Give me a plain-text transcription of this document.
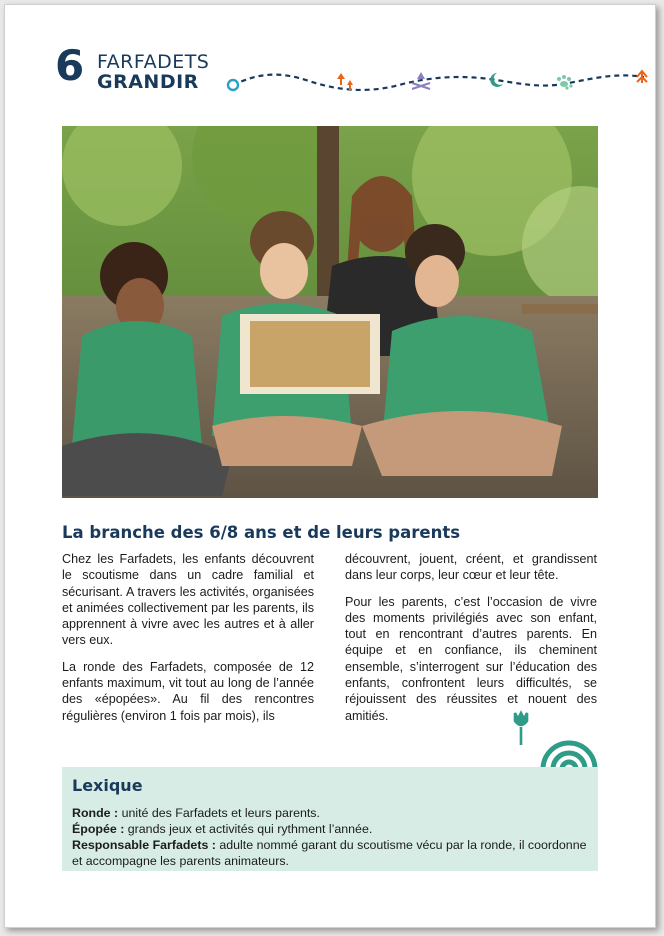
6 FARFADETS
GRANDIR
La branche des 6/8 ans et de leurs parents

Chez les Farfadets, les enfants découvrent le scoutisme dans un cadre familial et sécurisant. A travers les activités, organisées et animées collectivement par les parents, ils apprennent à vivre avec les autres et à aller vers eux.

La ronde des Farfadets, composée de 12 enfants maximum, vit tout au long de l’année des «épopées». Au fil des rencontres régulières (environ 1 fois par mois), ils

découvrent, jouent, créent, et grandissent dans leur corps, leur cœur et leur tête.

Pour les parents, c’est l’occasion de vivre des moments privilégiés avec son enfant, tout en rencontrant d’autres parents. En équipe et en confiance, ils cheminent ensemble, s’interrogent sur l’éducation des enfants, confrontent leurs difficultés, se réjouissent des réussites et nouent des amitiés.

Lexique
Ronde : unité des Farfadets et leurs parents.
Épopée : grands jeux et activités qui rythment l’année.
Responsable Farfadets : adulte nommé garant du scoutisme vécu par la ronde, il coordonne et accompagne les parents animateurs.
